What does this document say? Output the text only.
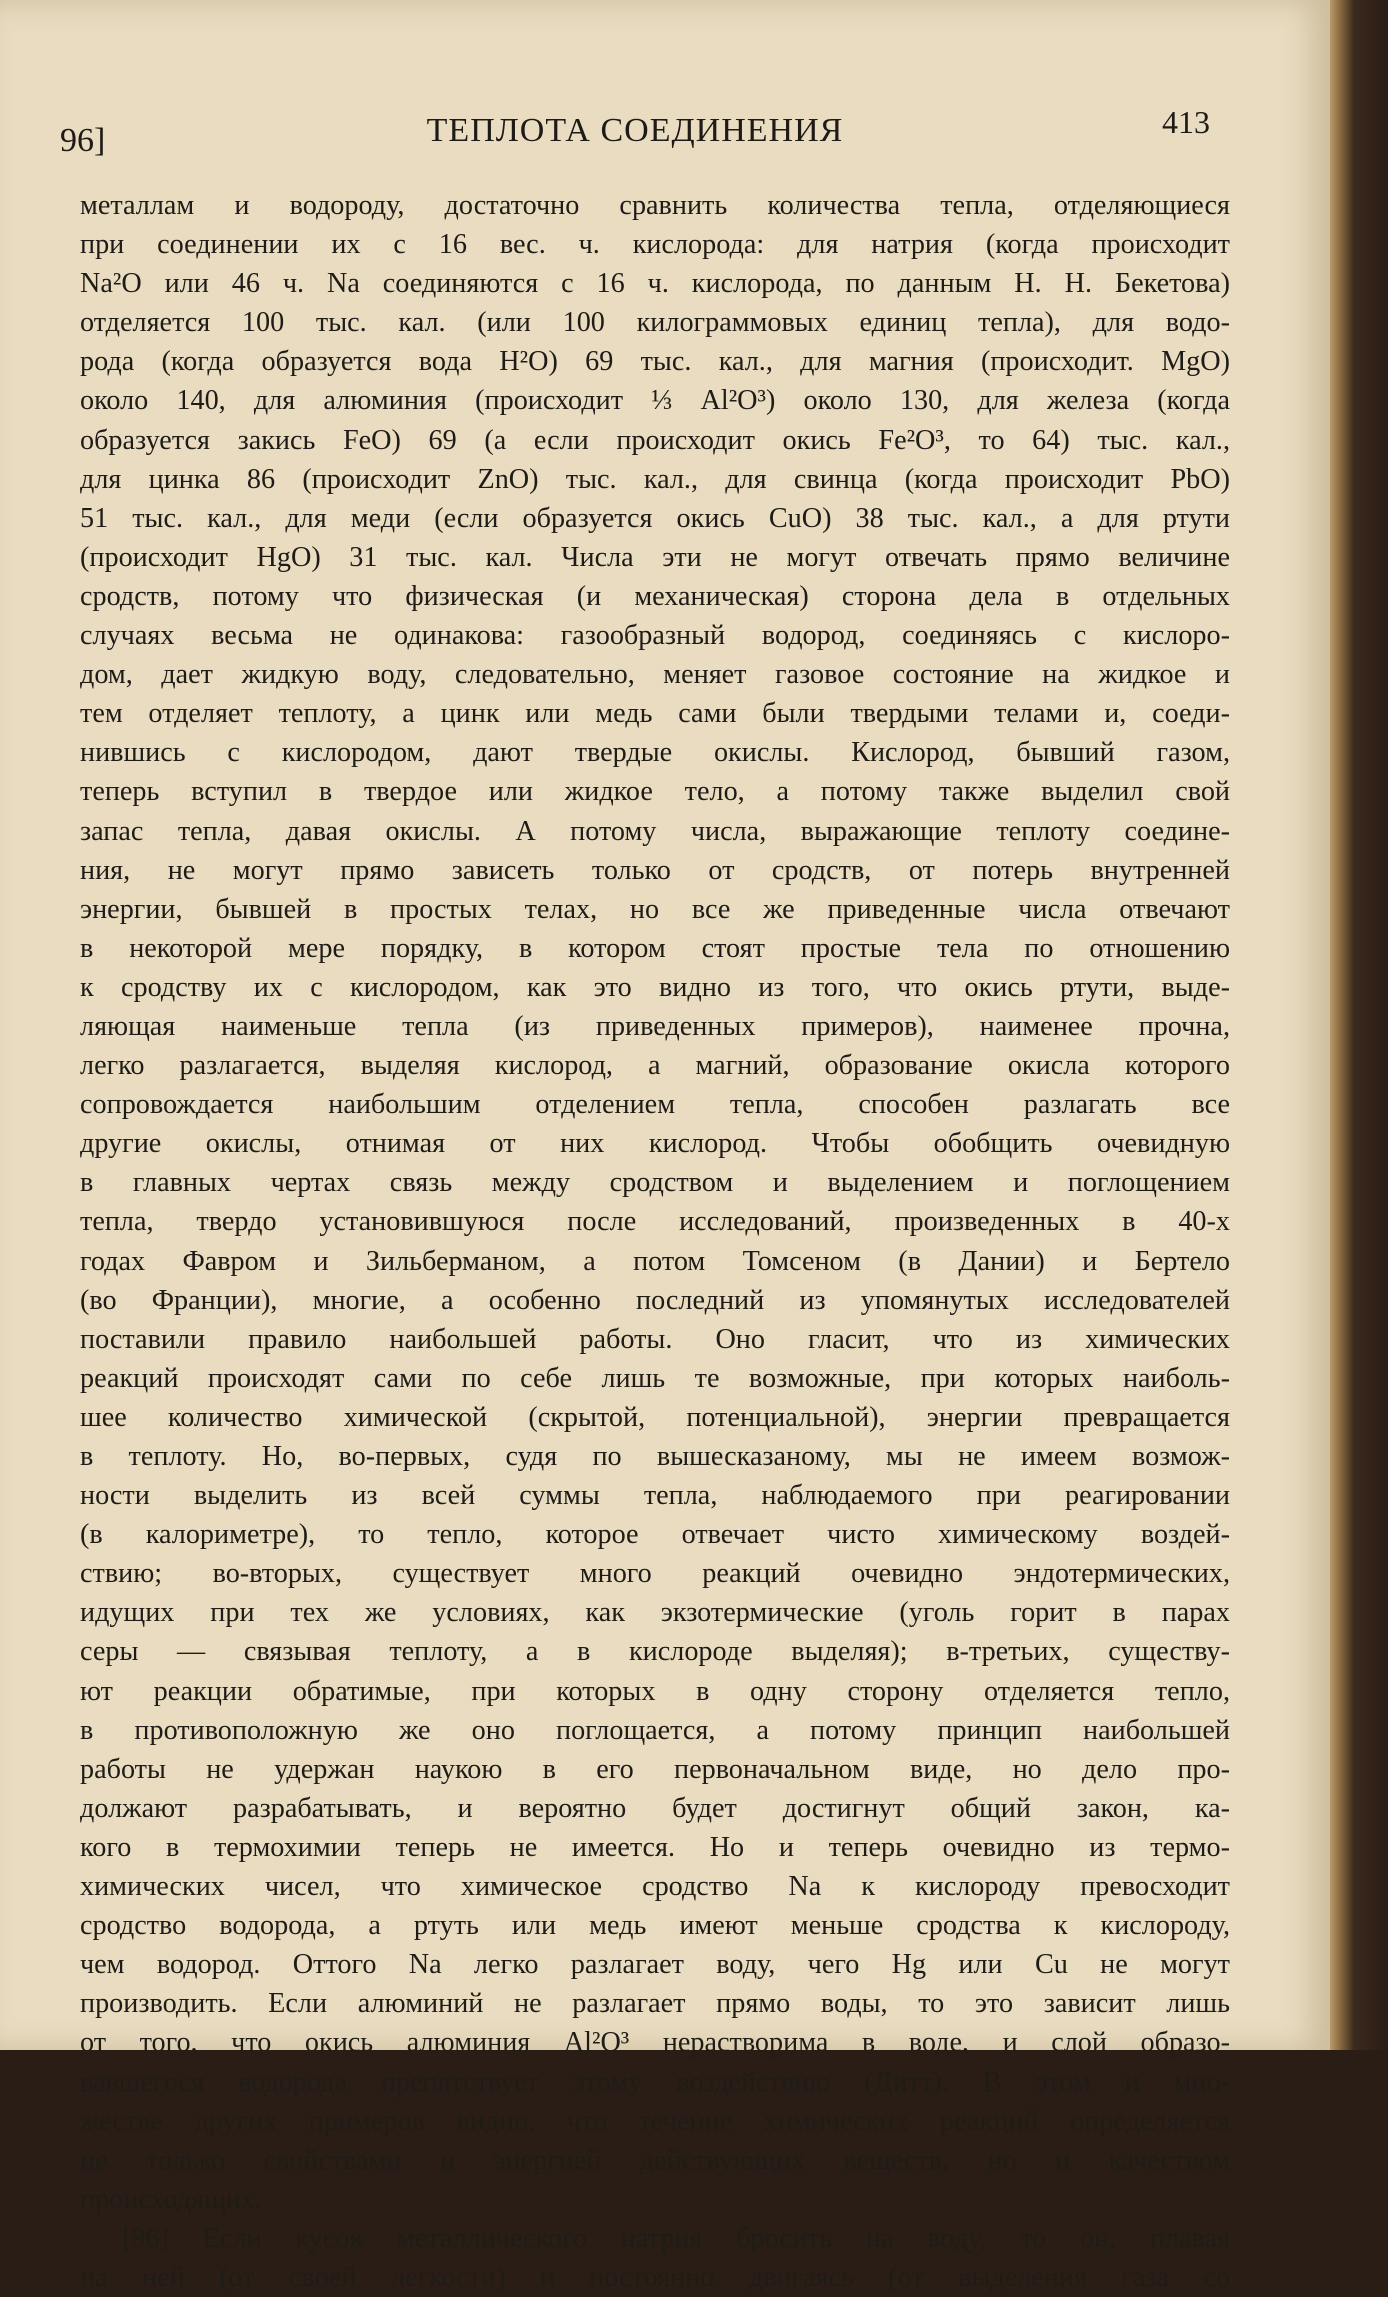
96]	ТЕПЛОТА СОЕДИНЕНИЯ	413
металлам и водороду, достаточно сравнить количества тепла, отделяющиеся
при соединении их с 16 вес. ч. кислорода: для натрия (когда происходит
Na²O или 46 ч. Na соединяются с 16 ч. кислорода, по данным Н. Н. Бекетова)
отделяется 100 тыс. кал. (или 100 килограммовых единиц тепла), для водо-
рода (когда образуется вода H²O) 69 тыс. кал., для магния (происходит. MgO)
около 140, для алюминия (происходит ⅓ Al²O³) около 130, для железа (когда
образуется закись FeO) 69 (а если происходит окись Fe²O³, то 64) тыс. кал.,
для цинка 86 (происходит ZnO) тыс. кал., для свинца (когда происходит PbO)
51 тыс. кал., для меди (если образуется окись CuO) 38 тыс. кал., а для ртути
(происходит HgO) 31 тыс. кал. Числа эти не могут отвечать прямо величине
сродств, потому что физическая (и механическая) сторона дела в отдельных
случаях весьма не одинакова: газообразный водород, соединяясь с кислоро-
дом, дает жидкую воду, следовательно, меняет газовое состояние на жидкое и
тем отделяет теплоту, а цинк или медь сами были твердыми телами и, соеди-
нившись с кислородом, дают твердые окислы. Кислород, бывший газом,
теперь вступил в твердое или жидкое тело, а потому также выделил свой
запас тепла, давая окислы. А потому числа, выражающие теплоту соедине-
ния, не могут прямо зависеть только от сродств, от потерь внутренней
энергии, бывшей в простых телах, но все же приведенные числа отвечают
в некоторой мере порядку, в котором стоят простые тела по отношению
к сродству их с кислородом, как это видно из того, что окись ртути, выде-
ляющая наименьше тепла (из приведенных примеров), наименее прочна,
легко разлагается, выделяя кислород, а магний, образование окисла которого
сопровождается наибольшим отделением тепла, способен разлагать все
другие окислы, отнимая от них кислород. Чтобы обобщить очевидную
в главных чертах связь между сродством и выделением и поглощением
тепла, твердо установившуюся после исследований, произведенных в 40-х
годах Фавром и Зильберманом, а потом Томсеном (в Дании) и Бертело
(во Франции), многие, а особенно последний из упомянутых исследователей
поставили правило наибольшей работы. Оно гласит, что из химических
реакций происходят сами по себе лишь те возможные, при которых наиболь-
шее количество химической (скрытой, потенциальной), энергии превращается
в теплоту. Но, во-первых, судя по вышесказаному, мы не имеем возмож-
ности выделить из всей суммы тепла, наблюдаемого при реагировании
(в калориметре), то тепло, которое отвечает чисто химическому воздей-
ствию; во-вторых, существует много реакций очевидно эндотермических,
идущих при тех же условиях, как экзотермические (уголь горит в парах
серы — связывая теплоту, а в кислороде выделяя); в-третьих, существу-
ют реакции обратимые, при которых в одну сторону отделяется тепло,
в противоположную же оно поглощается, а потому принцип наибольшей
работы не удержан наукою в его первоначальном виде, но дело про-
должают разрабатывать, и вероятно будет достигнут общий закон, ка-
кого в термохимии теперь не имеется. Но и теперь очевидно из термо-
химических чисел, что химическое сродство Na к кислороду превосходит
сродство водорода, а ртуть или медь имеют меньше сродства к кислороду,
чем водород. Оттого Na легко разлагает воду, чего Hg или Cu не могут
производить. Если алюминий не разлагает прямо воды, то это зависит лишь
от того, что окись алюминия Al²O³ нерастворима в воде, и слой образо-
вавшегося водорода препятствует этому воздействию (Дитт). В этом и мно-
жестве других примеров видно, что течение химических реакций определяется
не только свойствами и энергией действующих веществ, но и качеством
происходящих.
[96] Если кусок металлического натрия бросить на воду, то он, плавая
на ней (от своей легкости) и постоянно двигаясь (от выделения газа со
